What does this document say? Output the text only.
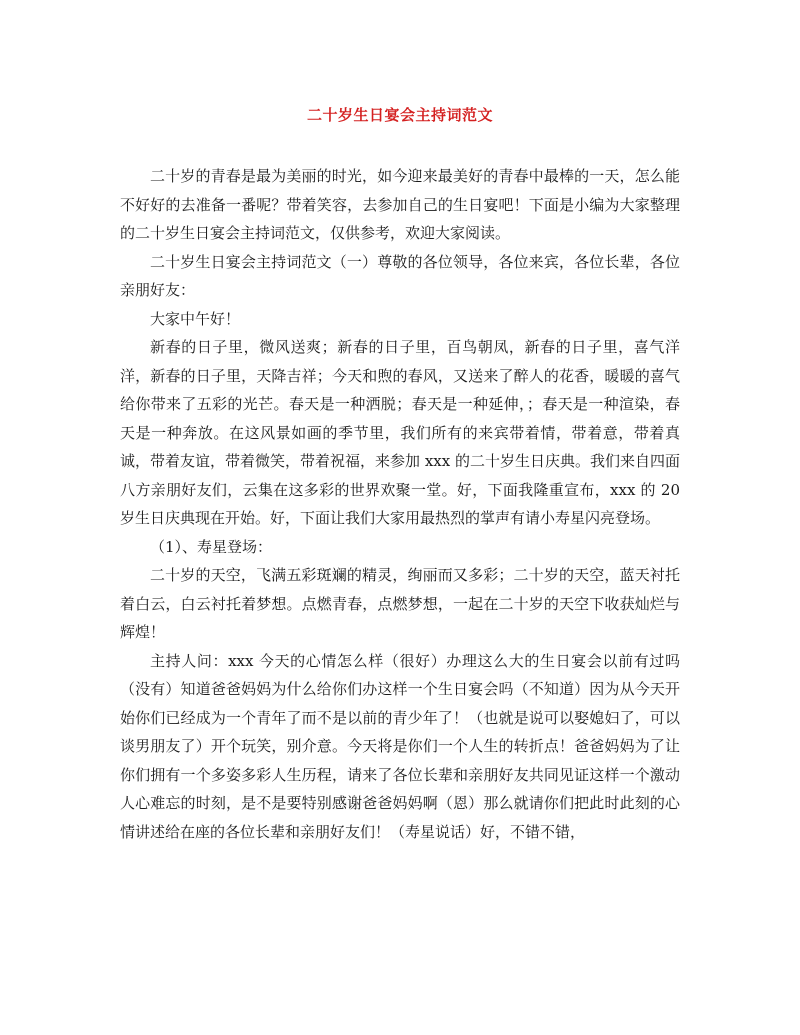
二十岁生日宴会主持词范文

二十岁的青春是最为美丽的时光，如今迎来最美好的青春中最棒的一天，怎么能不好好的去准备一番呢？带着笑容，去参加自己的生日宴吧！下面是小编为大家整理的二十岁生日宴会主持词范文，仅供参考，欢迎大家阅读。

二十岁生日宴会主持词范文（一）尊敬的各位领导，各位来宾，各位长辈，各位亲朋好友：

大家中午好！

新春的日子里，微风送爽；新春的日子里，百鸟朝凤，新春的日子里，喜气洋洋，新春的日子里，天降吉祥；今天和煦的春风，又送来了醉人的花香，暖暖的喜气给你带来了五彩的光芒。春天是一种洒脱；春天是一种延伸，；春天是一种渲染，春天是一种奔放。在这风景如画的季节里，我们所有的来宾带着情，带着意，带着真诚，带着友谊，带着微笑，带着祝福，来参加 xxx 的二十岁生日庆典。我们来自四面八方亲朋好友们，云集在这多彩的世界欢聚一堂。好，下面我隆重宣布，xxx 的 20 岁生日庆典现在开始。好，下面让我们大家用最热烈的掌声有请小寿星闪亮登场。

（1）、寿星登场：

二十岁的天空，飞满五彩斑斓的精灵，绚丽而又多彩；二十岁的天空，蓝天衬托着白云，白云衬托着梦想。点燃青春，点燃梦想，一起在二十岁的天空下收获灿烂与辉煌！

主持人问：xxx 今天的心情怎么样（很好）办理这么大的生日宴会以前有过吗（没有）知道爸爸妈妈为什么给你们办这样一个生日宴会吗（不知道）因为从今天开始你们已经成为一个青年了而不是以前的青少年了！（也就是说可以娶媳妇了，可以谈男朋友了）开个玩笑，别介意。今天将是你们一个人生的转折点！爸爸妈妈为了让你们拥有一个多姿多彩人生历程，请来了各位长辈和亲朋好友共同见证这样一个激动人心难忘的时刻，是不是要特别感谢爸爸妈妈啊（恩）那么就请你们把此时此刻的心情讲述给在座的各位长辈和亲朋好友们！（寿星说话）好，不错不错，
